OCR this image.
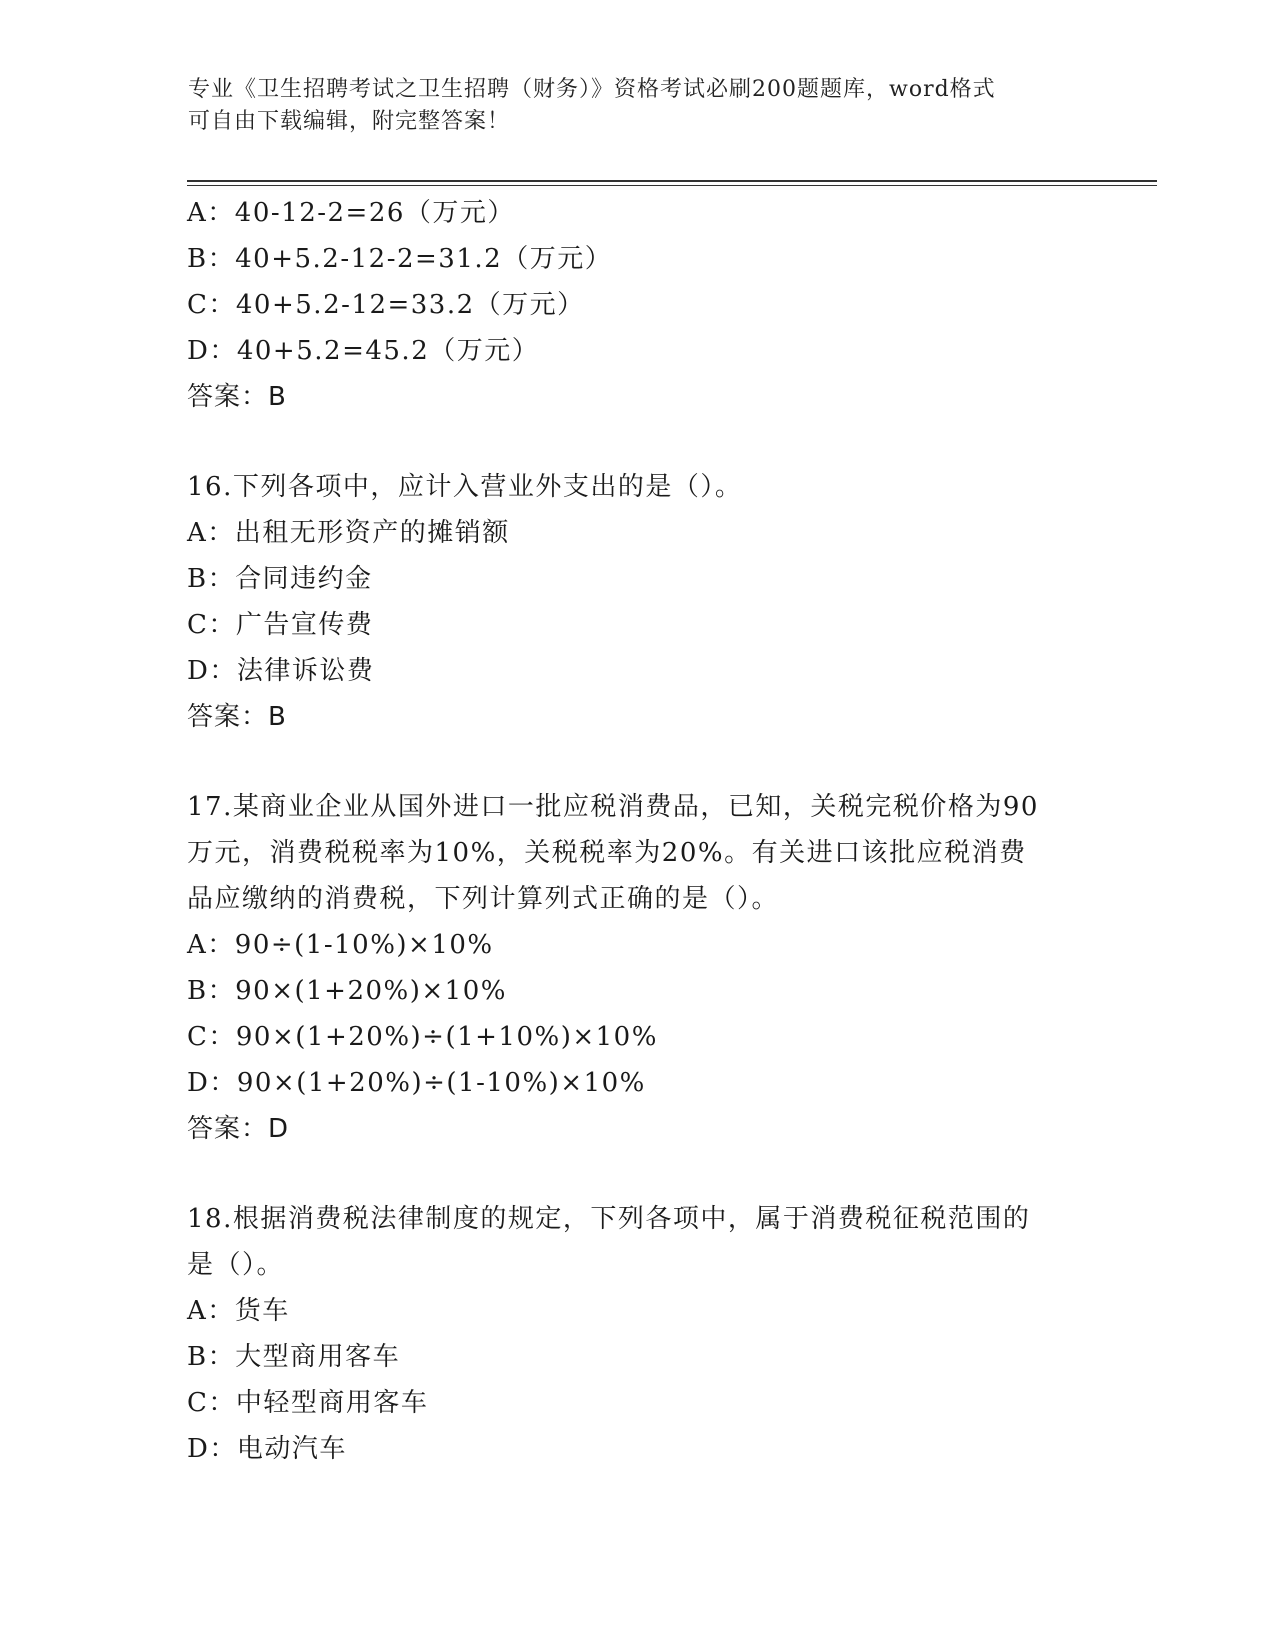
专业《卫生招聘考试之卫生招聘（财务）》资格考试必刷200题题库，word格式
可自由下载编辑，附完整答案！
A：40-12-2=26（万元）
B：40+5.2-12-2=31.2（万元）
C：40+5.2-12=33.2（万元）
D：40+5.2=45.2（万元）
答案：B
16.下列各项中，应计入营业外支出的是（）。
A：出租无形资产的摊销额
B：合同违约金
C：广告宣传费
D：法律诉讼费
答案：B
17.某商业企业从国外进口一批应税消费品，已知，关税完税价格为90
万元，消费税税率为10%，关税税率为20%。有关进口该批应税消费
品应缴纳的消费税，下列计算列式正确的是（）。
A：90÷(1-10%)×10%
B：90×(1+20%)×10%
C：90×(1+20%)÷(1+10%)×10%
D：90×(1+20%)÷(1-10%)×10%
答案：D
18.根据消费税法律制度的规定，下列各项中，属于消费税征税范围的
是（）。
A：货车
B：大型商用客车
C：中轻型商用客车
D：电动汽车
